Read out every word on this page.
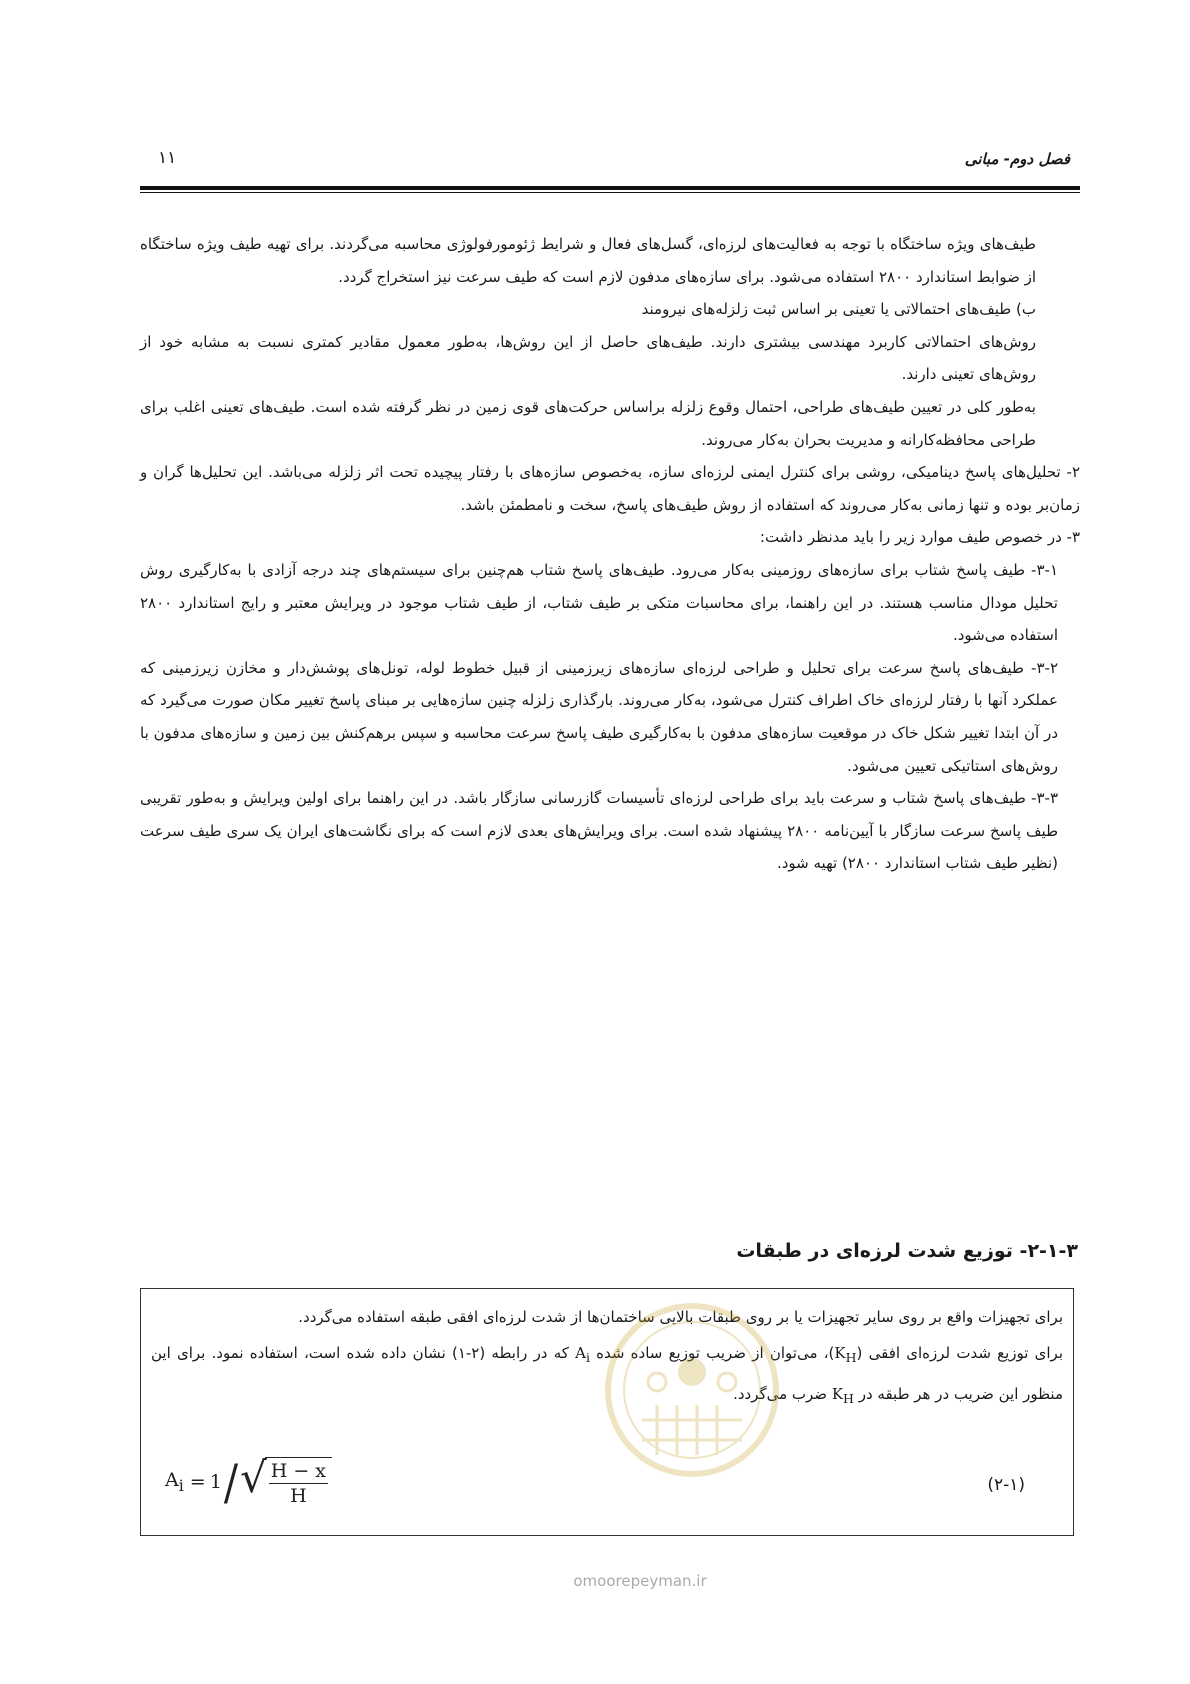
فصل دوم- مبانی
۱۱

طیف‌های ویژه ساختگاه با توجه به فعالیت‌های لرزه‌ای، گسل‌های فعال و شرایط ژئومورفولوژی محاسبه می‌گردند. برای تهیه طیف ویژه ساختگاه از ضوابط استاندارد ۲۸۰۰ استفاده می‌شود. برای سازه‌های مدفون لازم است که طیف سرعت نیز استخراج گردد.

ب) طیف‌های احتمالاتی یا تعینی بر اساس ثبت زلزله‌های نیرومند

روش‌های احتمالاتی کاربرد مهندسی بیشتری دارند. طیف‌های حاصل از این روش‌ها، به‌طور معمول مقادیر کمتری نسبت به مشابه خود از روش‌های تعینی دارند.

به‌طور کلی در تعیین طیف‌های طراحی، احتمال وقوع زلزله براساس حرکت‌های قوی زمین در نظر گرفته شده است. طیف‌های تعینی اغلب برای طراحی محافظه‌کارانه و مدیریت بحران به‌کار می‌روند.

۲- تحلیل‌های پاسخ دینامیکی، روشی برای کنترل ایمنی لرزه‌ای سازه، به‌خصوص سازه‌های با رفتار پیچیده تحت اثر زلزله می‌باشد. این تحلیل‌ها گران و زمان‌بر بوده و تنها زمانی به‌کار می‌روند که استفاده از روش طیف‌های پاسخ، سخت و نامطمئن باشد.

۳- در خصوص طیف موارد زیر را باید مدنظر داشت:

۳-۱- طیف پاسخ شتاب برای سازه‌های روزمینی به‌کار می‌رود. طیف‌های پاسخ شتاب هم‌چنین برای سیستم‌های چند درجه آزادی با به‌کارگیری روش تحلیل مودال مناسب هستند. در این راهنما، برای محاسبات متکی بر طیف شتاب، از طیف شتاب موجود در ویرایش معتبر و رایج استاندارد ۲۸۰۰ استفاده می‌شود.

۳-۲- طیف‌های پاسخ سرعت برای تحلیل و طراحی لرزه‌ای سازه‌های زیرزمینی از قبیل خطوط لوله، تونل‌های پوشش‌دار و مخازن زیرزمینی که عملکرد آنها با رفتار لرزه‌ای خاک اطراف کنترل می‌شود، به‌کار می‌روند. بارگذاری زلزله چنین سازه‌هایی بر مبنای پاسخ تغییر مکان صورت می‌گیرد که در آن ابتدا تغییر شکل خاک در موقعیت سازه‌های مدفون با به‌کارگیری طیف پاسخ سرعت محاسبه و سپس برهم‌کنش بین زمین و سازه‌های مدفون با روش‌های استاتیکی تعیین می‌شود.

۳-۳- طیف‌های پاسخ شتاب و سرعت باید برای طراحی لرزه‌ای تأسیسات گازرسانی سازگار باشد. در این راهنما برای اولین ویرایش و به‌طور تقریبی طیف پاسخ سرعت سازگار با آیین‌نامه ۲۸۰۰ پیشنهاد شده است. برای ویرایش‌های بعدی لازم است که برای نگاشت‌های ایران یک سری طیف سرعت (نظیر طیف شتاب استاندارد ۲۸۰۰) تهیه شود.

۲-۱-۳- توزیع شدت لرزه‌ای در طبقات

برای تجهیزات واقع بر روی سایر تجهیزات یا بر روی طبقات بالایی ساختمان‌ها از شدت لرزه‌ای افقی طبقه استفاده می‌گردد.

برای توزیع شدت لرزه‌ای افقی $(K_H‌)،$ می‌توان از ضریب توزیع ساده شده $A_i$ که در رابطه (۲-۱) نشان داده شده است، استفاده نمود. برای این منظور این ضریب در هر طبقه در $K_H$ ضرب می‌گردد.

$A_i = 1$ / √
$\frac{H - x}{H}$	(۲-۱)
omoorepeyman.ir
